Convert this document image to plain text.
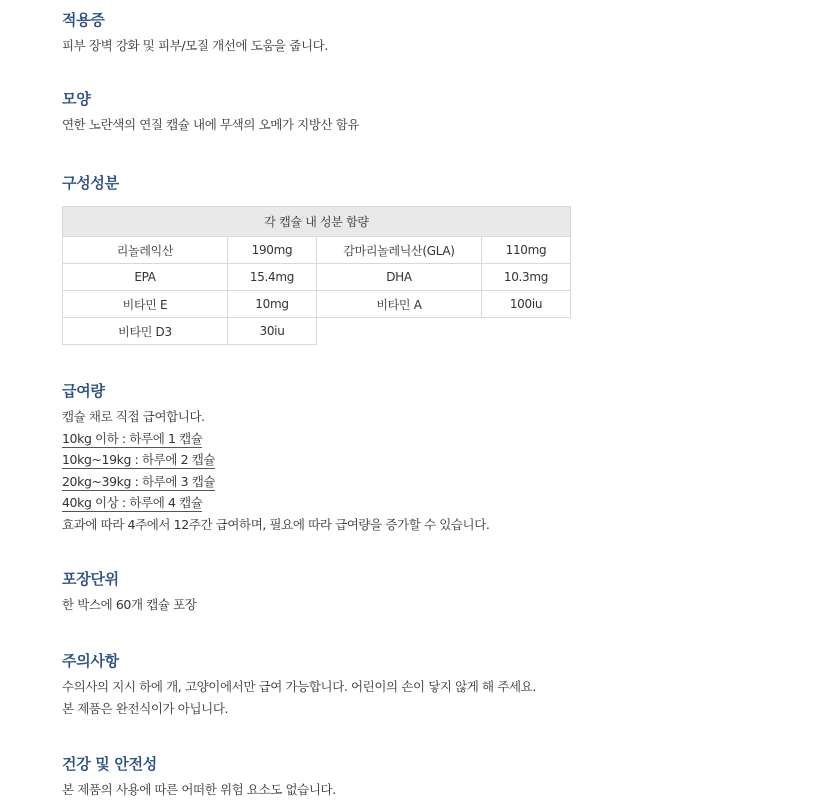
적용증

피부 장벽 강화 및 피부/모질 개선에 도움을 줍니다.

모양

연한 노란색의 연질 캡슐 내에 무색의 오메가 지방산 함유

구성성분
각 캡슐 내 성분 함량			
리놀레익산	190mg	감마리놀레닉산(GLA)	110mg
EPA	15.4mg	DHA	10.3mg
비타민 E	10mg	비타민 A	100iu
비타민 D3	30iu		
급여량

캡슐 채로 직접 급여합니다.
10kg 이하 : 하루에 1 캡슐
10kg~19kg : 하루에 2 캡슐
20kg~39kg : 하루에 3 캡슐
40kg 이상 : 하루에 4 캡슐
효과에 따라 4주에서 12주간 급여하며, 필요에 따라 급여량을 증가할 수 있습니다.

포장단위

한 박스에 60개 캡슐 포장

주의사항

수의사의 지시 하에 개, 고양이에서만 급여 가능합니다. 어린이의 손이 닿지 않게 해 주세요.
본 제품은 완전식이가 아닙니다.

건강 및 안전성

본 제품의 사용에 따른 어떠한 위험 요소도 없습니다.
